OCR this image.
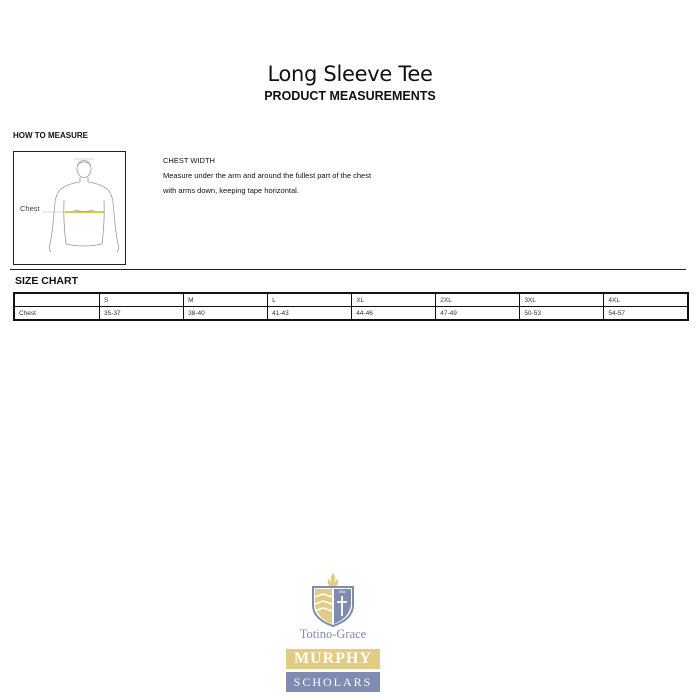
Long Sleeve Tee
PRODUCT MEASUREMENTS
HOW TO MEASURE
Chest
CHEST WIDTH
Measure under the arm and around the fullest part of the chest
with arms down, keeping tape horizontal.
SIZE CHART
	S	M	L	XL	2XL	3XL	4XL
Chest	35-37	38-40	41-43	44-46	47-49	50-53	54-57
1966
Totino-Grace
MURPHY
SCHOLARS
